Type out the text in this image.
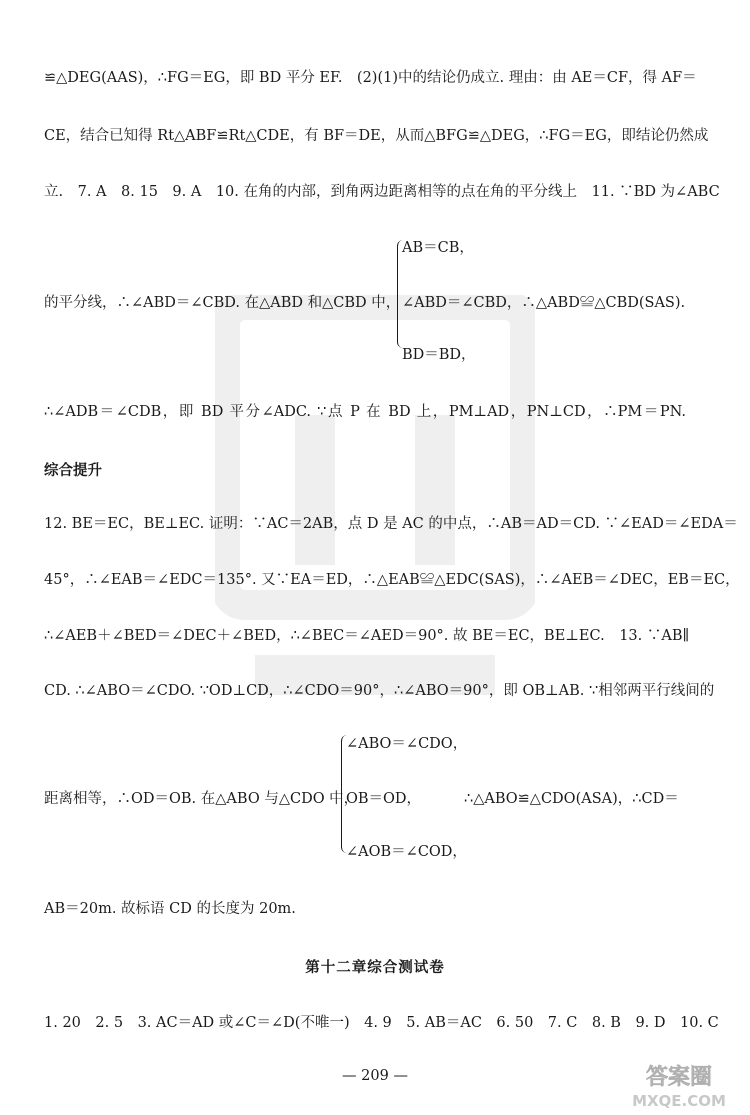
≌△DEG(AAS)，∴FG＝EG，即 BD 平分 EF.　(2)(1)中的结论仍成立. 理由：由 AE＝CF，得 AF＝
CE，结合已知得 Rt△ABF≌Rt△CDE，有 BF＝DE，从而△BFG≌△DEG，∴FG＝EG，即结论仍然成
立.　7. A　8. 15　9. A　10. 在角的内部，到角两边距离相等的点在角的平分线上　11. ∵BD 为∠ABC
的平分线，∴∠ABD＝∠CBD. 在△ABD 和△CBD 中，
AB＝CB，
∠ABD＝∠CBD，∴△ABD≌△CBD(SAS).
BD＝BD，
∴∠ADB＝∠CDB，即 BD 平分∠ADC. ∵点 P 在 BD 上，PM⊥AD，PN⊥CD，∴PM＝PN.
综合提升
12. BE＝EC，BE⊥EC. 证明：∵AC＝2AB，点 D 是 AC 的中点，∴AB＝AD＝CD. ∵∠EAD＝∠EDA＝
45°，∴∠EAB＝∠EDC＝135°. 又∵EA＝ED，∴△EAB≌△EDC(SAS)，∴∠AEB＝∠DEC，EB＝EC，
∴∠AEB＋∠BED＝∠DEC＋∠BED，∴∠BEC＝∠AED＝90°. 故 BE＝EC，BE⊥EC.　13. ∵AB∥
CD. ∴∠ABO＝∠CDO. ∵OD⊥CD，∴∠CDO＝90°，∴∠ABO＝90°，即 OB⊥AB. ∵相邻两平行线间的
距离相等，∴OD＝OB. 在△ABO 与△CDO 中，
∠ABO＝∠CDO，
OB＝OD，
∠AOB＝∠COD，
∴△ABO≌△CDO(ASA)，∴CD＝
AB＝20m. 故标语 CD 的长度为 20m.
第十二章综合测试卷
1. 20　2. 5　3. AC＝AD 或∠C＝∠D(不唯一)　4. 9　5. AB＝AC　6. 50　7. C　8. B　9. D　10. C
— 209 —	答案圈
MXQE.COM
